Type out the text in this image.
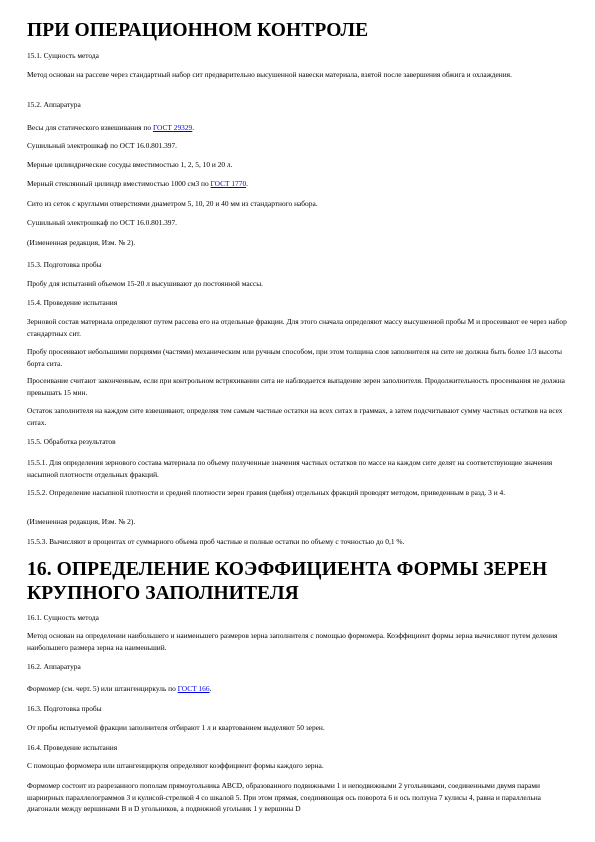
ПРИ ОПЕРАЦИОННОМ КОНТРОЛЕ

15.1. Сущность метода

Метод основан на рассеве через стандартный набор сит предварительно высушенной навески материала, взятой после завершения обжига и охлаждения.

15.2. Аппаратура

Весы для статического взвешивания по ГОСТ 29329.

Сушильный электрошкаф по ОСТ 16.0.801.397.

Мерные цилиндрические сосуды вместимостью 1, 2, 5, 10 и 20 л.

Мерный стеклянный цилиндр вместимостью 1000 см3 по ГОСТ 1770.

Сито из сеток с круглыми отверстиями диаметром 5, 10, 20 и 40 мм из стандартного набора.

Сушильный электрошкаф по ОСТ 16.0.801.397.

(Измененная редакция, Изм. № 2).

15.3. Подготовка пробы

Пробу для испытаний объемом 15-20 л высушивают до постоянной массы.

15.4. Проведение испытания

Зерновой состав материала определяют путем рассева его на отдельные фракции. Для этого сначала определяют массу высушенной пробы M и просеивают ее через набор стандартных сит.

Пробу просеивают небольшими порциями (частями) механическим или ручным способом, при этом толщина слоя заполнителя на сите не должна быть более 1/3 высоты борта сита.

Просеивание считают законченным, если при контрольном встряхивании сита не наблюдается выпадение зерен заполнителя. Продолжительность просеивания не должна превышать 15 мин.

Остаток заполнителя на каждом сите взвешивают, определяя тем самым частные остатки на всех ситах в граммах, а затем подсчитывают сумму частных остатков на всех ситах.

15.5. Обработка результатов

15.5.1. Для определения зернового состава материала по объему полученные значения частных остатков по массе на каждом сите делят на соответствующие значения насыпной плотности отдельных фракций.

15.5.2. Определение насыпной плотности и средней плотности зерен гравия (щебня) отдельных фракций проводят методом, приведенным в разд. 3 и 4.

(Измененная редакция, Изм. № 2).

15.5.3. Вычисляют в процентах от суммарного объема проб частные и полные остатки по объему с точностью до 0,1 %.

16. ОПРЕДЕЛЕНИЕ КОЭФФИЦИЕНТА ФОРМЫ ЗЕРЕН
КРУПНОГО ЗАПОЛНИТЕЛЯ

16.1. Сущность метода

Метод основан на определении наибольшего и наименьшего размеров зерна заполнителя с помощью формомера. Коэффициент формы зерна вычисляют путем деления наибольшего размера зерна на наименьший.

16.2. Аппаратура

Формомер (см. черт. 5) или штангенциркуль по ГОСТ 166.

16.3. Подготовка пробы

От пробы испытуемой фракции заполнителя отбирают 1 л и квартованием выделяют 50 зерен.

16.4. Проведение испытания

С помощью формомера или штангенциркуля определяют коэффициент формы каждого зерна.

Формомер состоит из разрезанного пополам прямоугольника ABCD, образованного подвижными 1 и неподвижными 2 угольниками, соединенными двумя парами шарнирных параллелограммов 3 и кулисой-стрелкой 4 со шкалой 5. При этом прямая, соединяющая ось поворота 6 и ось ползуна 7 кулисы 4, равна и параллельна диагонали между вершинами B и D угольников, а подвижной угольник 1 у вершины D
